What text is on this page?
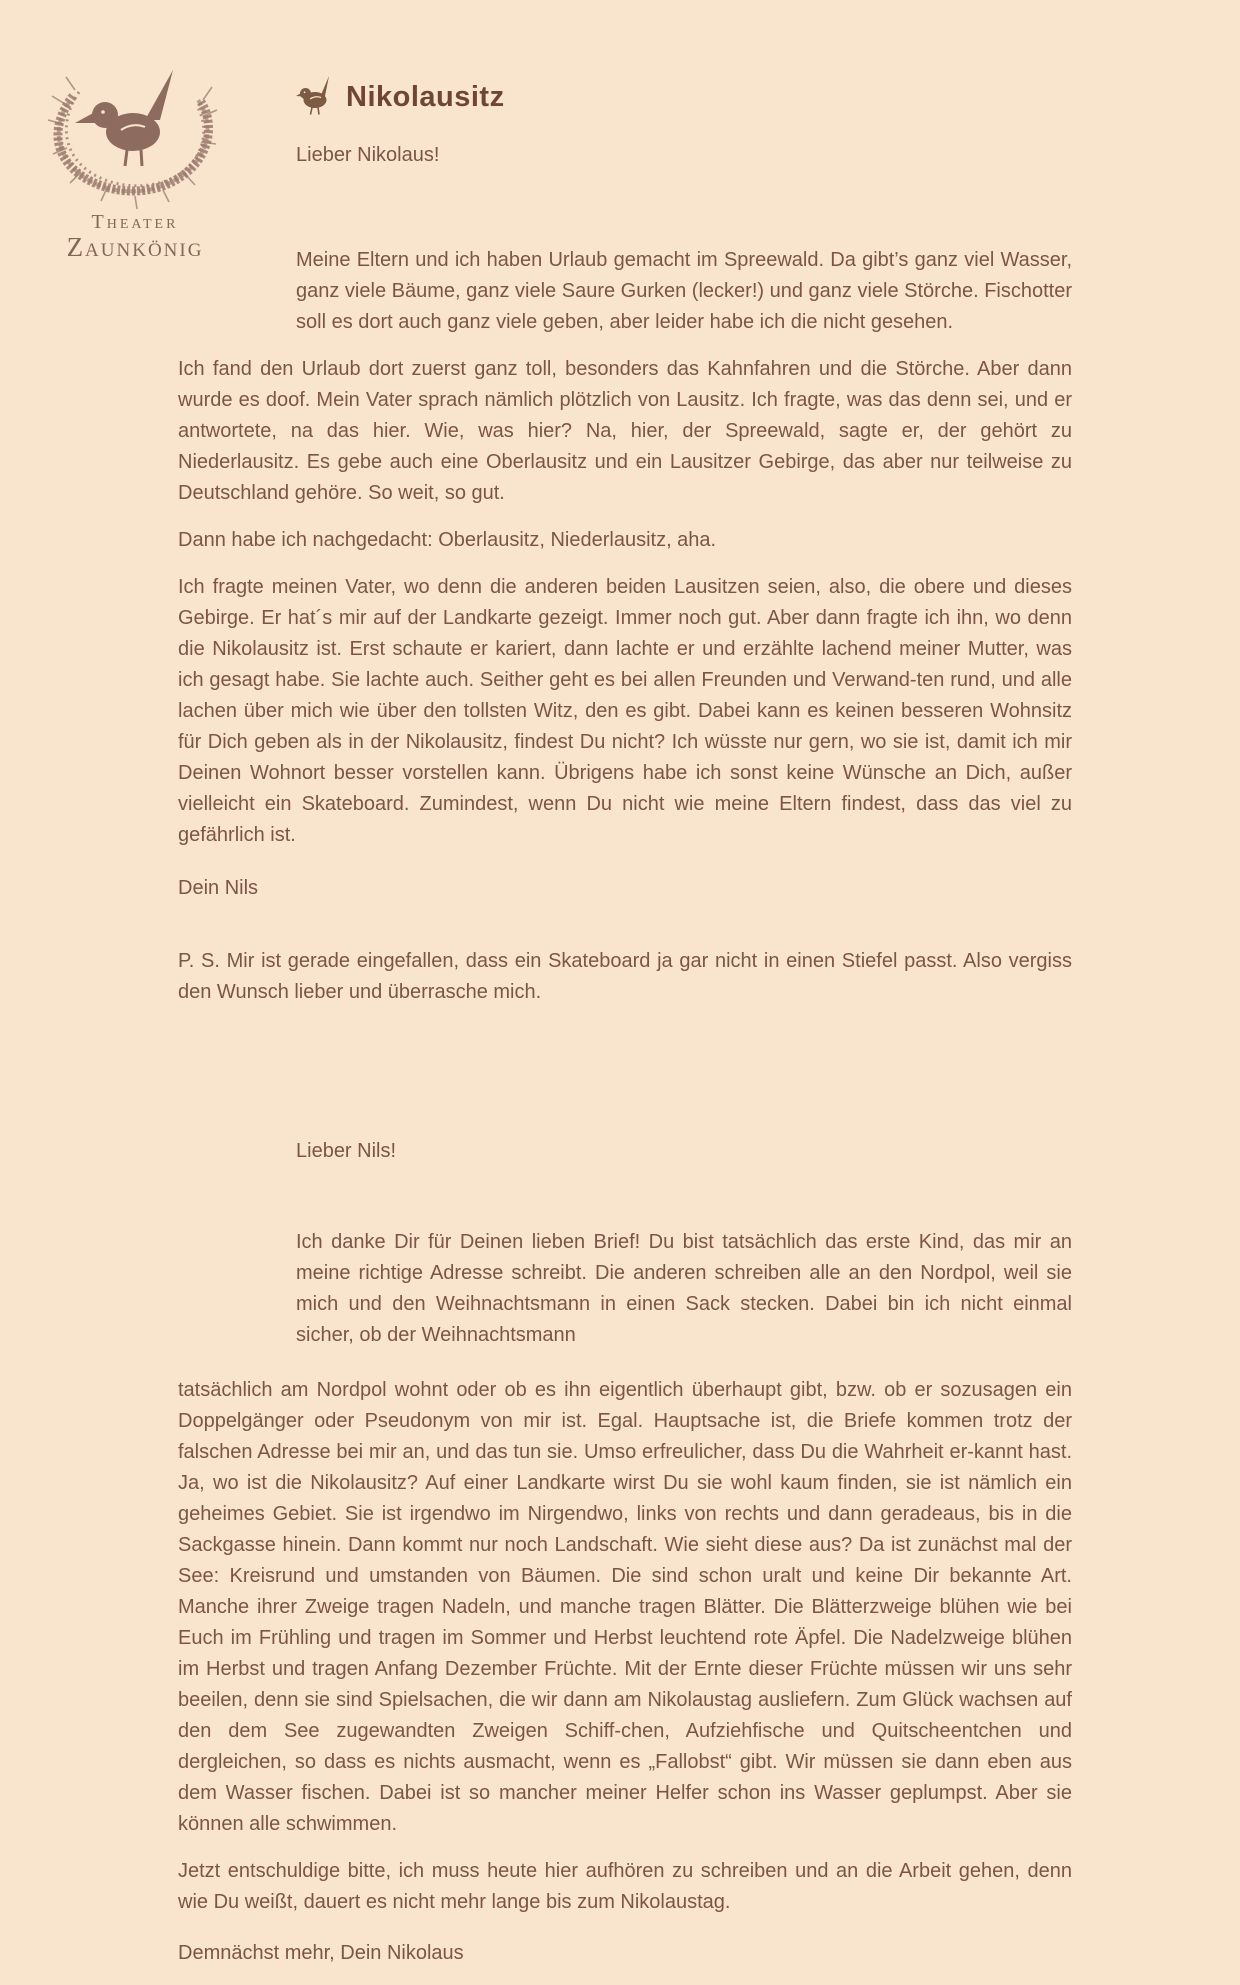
Theater
Zaunkönig
Nikolausitz

Lieber Nikolaus!

Meine Eltern und ich haben Urlaub gemacht im Spreewald. Da gibt’s ganz viel Wasser, ganz viele Bäume, ganz viele Saure Gurken (lecker!) und ganz viele Störche. Fischotter soll es dort auch ganz viele geben, aber leider habe ich die nicht gesehen.

Ich fand den Urlaub dort zuerst ganz toll, besonders das Kahnfahren und die Störche. Aber dann wurde es doof. Mein Vater sprach nämlich plötzlich von Lausitz. Ich fragte, was das denn sei, und er antwortete, na das hier. Wie, was hier? Na, hier, der Spreewald, sagte er, der gehört zu Niederlausitz. Es gebe auch eine Oberlausitz und ein Lausitzer Gebirge, das aber nur teilweise zu Deutschland gehöre. So weit, so gut.

Dann habe ich nachgedacht: Oberlausitz, Niederlausitz, aha.

Ich fragte meinen Vater, wo denn die anderen beiden Lausitzen seien, also, die obere und dieses Gebirge. Er hat´s mir auf der Landkarte gezeigt. Immer noch gut. Aber dann fragte ich ihn, wo denn die Nikolausitz ist. Erst schaute er kariert, dann lachte er und erzählte lachend meiner Mutter, was ich gesagt habe. Sie lachte auch. Seither geht es bei allen Freunden und Verwand-ten rund, und alle lachen über mich wie über den tollsten Witz, den es gibt. Dabei kann es keinen besseren Wohnsitz für Dich geben als in der Nikolausitz, findest Du nicht? Ich wüsste nur gern, wo sie ist, damit ich mir Deinen Wohnort besser vorstellen kann. Übrigens habe ich sonst keine Wünsche an Dich, außer vielleicht ein Skateboard. Zumindest, wenn Du nicht wie meine Eltern findest, dass das viel zu gefährlich ist.

Dein Nils

P. S. Mir ist gerade eingefallen, dass ein Skateboard ja gar nicht in einen Stiefel passt. Also vergiss den Wunsch lieber und überrasche mich.

Lieber Nils!

Ich danke Dir für Deinen lieben Brief! Du bist tatsächlich das erste Kind, das mir an meine richtige Adresse schreibt. Die anderen schreiben alle an den Nordpol, weil sie mich und den Weihnachtsmann in einen Sack stecken. Dabei bin ich nicht einmal sicher, ob der Weihnachtsmann

tatsächlich am Nordpol wohnt oder ob es ihn eigentlich überhaupt gibt, bzw. ob er sozusagen ein Doppelgänger oder Pseudonym von mir ist. Egal. Hauptsache ist, die Briefe kommen trotz der falschen Adresse bei mir an, und das tun sie. Umso erfreulicher, dass Du die Wahrheit er-kannt hast. Ja, wo ist die Nikolausitz? Auf einer Landkarte wirst Du sie wohl kaum finden, sie ist nämlich ein geheimes Gebiet. Sie ist irgendwo im Nirgendwo, links von rechts und dann geradeaus, bis in die Sackgasse hinein. Dann kommt nur noch Landschaft. Wie sieht diese aus? Da ist zunächst mal der See: Kreisrund und umstanden von Bäumen. Die sind schon uralt und keine Dir bekannte Art. Manche ihrer Zweige tragen Nadeln, und manche tragen Blätter. Die Blätterzweige blühen wie bei Euch im Frühling und tragen im Sommer und Herbst leuchtend rote Äpfel. Die Nadelzweige blühen im Herbst und tragen Anfang Dezember Früchte. Mit der Ernte dieser Früchte müssen wir uns sehr beeilen, denn sie sind Spielsachen, die wir dann am Nikolaustag ausliefern. Zum Glück wachsen auf den dem See zugewandten Zweigen Schiff-chen, Aufziehfische und Quitscheentchen und dergleichen, so dass es nichts ausmacht, wenn es „Fallobst“ gibt. Wir müssen sie dann eben aus dem Wasser fischen. Dabei ist so mancher meiner Helfer schon ins Wasser geplumpst. Aber sie können alle schwimmen.

Jetzt entschuldige bitte, ich muss heute hier aufhören zu schreiben und an die Arbeit gehen, denn wie Du weißt, dauert es nicht mehr lange bis zum Nikolaustag.

Demnächst mehr, Dein Nikolaus
